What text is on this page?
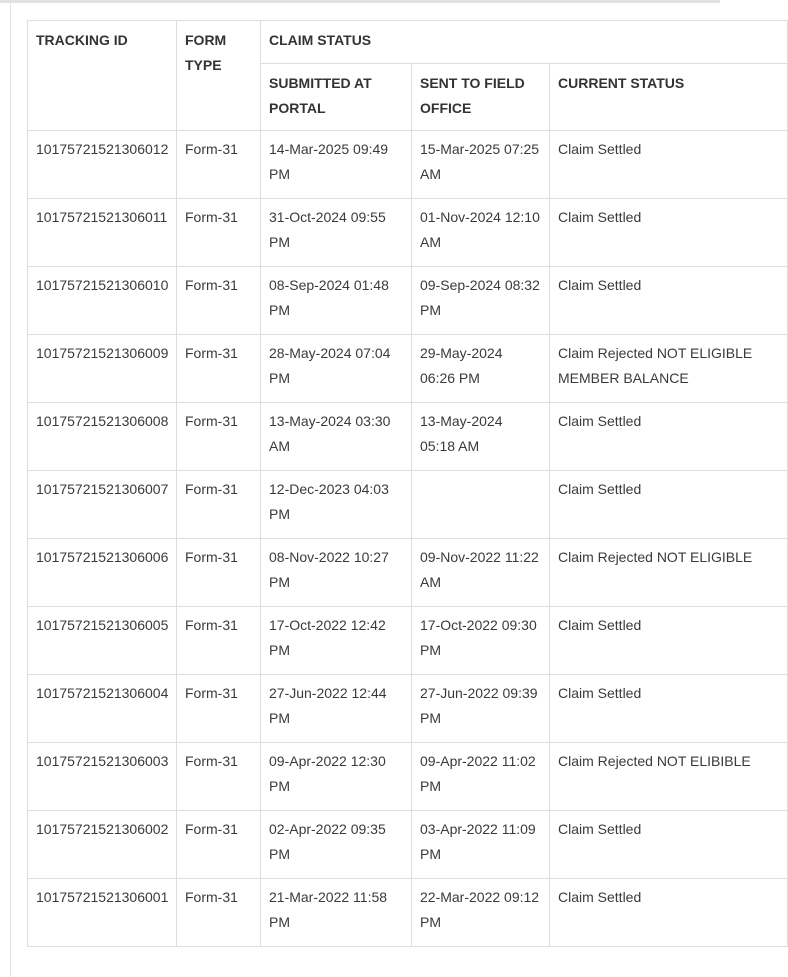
TRACKING ID	FORM TYPE	CLAIM STATUS		
		SUBMITTED AT PORTAL	SENT TO FIELD OFFICE	CURRENT STATUS
10175721521306012	Form-31	14-Mar-2025 09:49 PM	15-Mar-2025 07:25 AM	Claim Settled

10175721521306011	Form-31	31-Oct-2024 09:55 PM	01-Nov-2024 12:10 AM	Claim Settled

10175721521306010	Form-31	08-Sep-2024 01:48 PM	09-Sep-2024 08:32 PM	Claim Settled

10175721521306009	Form-31	28-May-2024 07:04 PM	29-May-2024 06:26 PM	Claim Rejected NOT ELIGIBLE
MEMBER BALANCE

10175721521306008	Form-31	13-May-2024 03:30 AM	13-May-2024 05:18 AM	Claim Settled

10175721521306007	Form-31	12-Dec-2023 04:03 PM		Claim Settled

10175721521306006	Form-31	08-Nov-2022 10:27 PM	09-Nov-2022 11:22 AM	Claim Rejected NOT ELIGIBLE

10175721521306005	Form-31	17-Oct-2022 12:42 PM	17-Oct-2022 09:30 PM	Claim Settled

10175721521306004	Form-31	27-Jun-2022 12:44 PM	27-Jun-2022 09:39 PM	Claim Settled

10175721521306003	Form-31	09-Apr-2022 12:30 PM	09-Apr-2022 11:02 PM	Claim Rejected NOT ELIBIBLE

10175721521306002	Form-31	02-Apr-2022 09:35 PM	03-Apr-2022 11:09 PM	Claim Settled

10175721521306001	Form-31	21-Mar-2022 11:58 PM	22-Mar-2022 09:12 PM	Claim Settled
